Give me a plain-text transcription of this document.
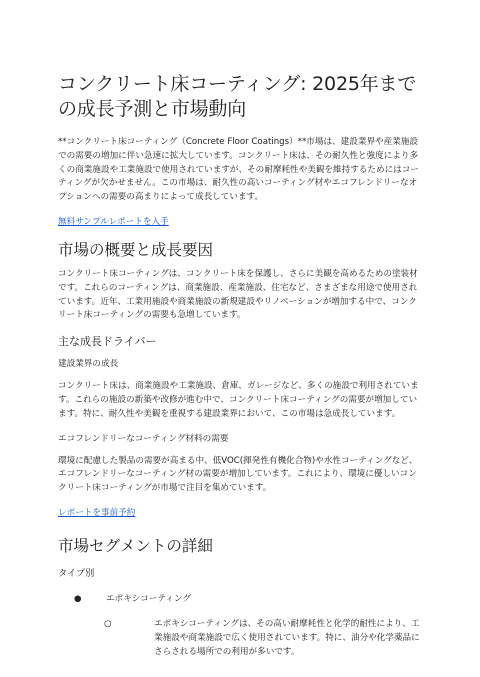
コンクリート床コーティング: 2025年までの成長予測と市場動向

**コンクリート床コーティング（Concrete Floor Coatings）**市場は、建設業界や産業施設での需要の増加に伴い急速に拡大しています。コンクリート床は、その耐久性と強度により多くの商業施設や工業施設で使用されていますが、その耐摩耗性や美観を維持するためにはコーティングが欠かせません。この市場は、耐久性の高いコーティング材やエコフレンドリーなオプションへの需要の高まりによって成長しています。

無料サンプルレポートを入手
市場の概要と成長要因

コンクリート床コーティングは、コンクリート床を保護し、さらに美観を高めるための塗装材です。これらのコーティングは、商業施設、産業施設、住宅など、さまざまな用途で使用されています。近年、工業用施設や商業施設の新規建設やリノベーションが増加する中で、コンクリート床コーティングの需要も急増しています。

主な成長ドライバー
建設業界の成長

コンクリート床は、商業施設や工業施設、倉庫、ガレージなど、多くの施設で利用されています。これらの施設の新築や改修が進む中で、コンクリート床コーティングの需要が増加しています。特に、耐久性や美観を重視する建設業界において、この市場は急成長しています。

エコフレンドリーなコーティング材料の需要

環境に配慮した製品の需要が高まる中、低VOC(揮発性有機化合物)や水性コーティングなど、エコフレンドリーなコーティング材の需要が増加しています。これにより、環境に優しいコンクリート床コーティングが市場で注目を集めています。

レポートを事前予約
市場セグメントの詳細
タイプ別
●	エポキシコーティング
○	エポキシコーティングは、その高い耐摩耗性と化学的耐性により、工業施設や商業施設で広く使用されています。特に、油分や化学薬品にさらされる場所での利用が多いです。
